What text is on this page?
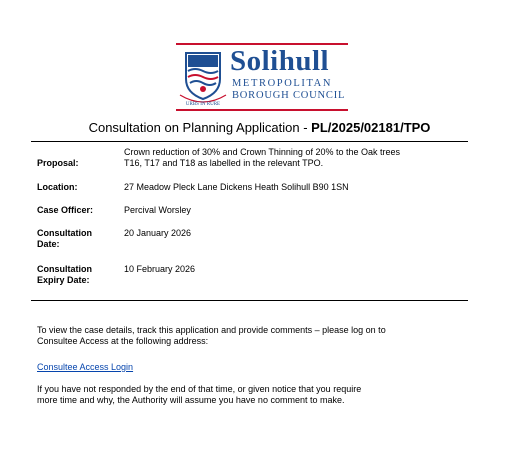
URBS IN RURE
Solihull
METROPOLITAN
BOROUGH COUNCIL
Consultation on Planning Application - PL/2025/02181/TPO
Proposal:
Crown reduction of 30% and Crown Thinning of 20% to the Oak trees
T16, T17 and T18 as labelled in the relevant TPO.
Location:	27 Meadow Pleck Lane Dickens Heath Solihull B90 1SN
Case Officer:	Percival Worsley
Consultation
Date:
20 January 2026
Consultation
Expiry Date:
10 February 2026
To view the case details, track this application and provide comments – please log on to
Consultee Access at the following address:
Consultee Access Login
If you have not responded by the end of that time, or given notice that you require
more time and why, the Authority will assume you have no comment to make.
